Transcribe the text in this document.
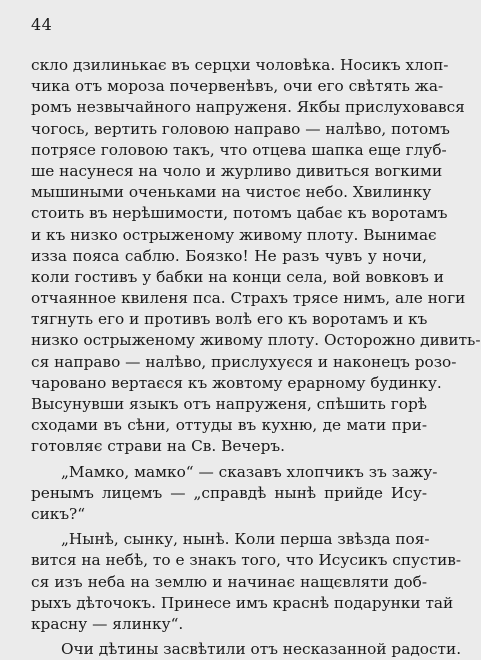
44
скло дзилинькає въ серцхи чоловѣка. Носикъ хлоп-
чика отъ мороза почервенѣвъ, очи его свѣтять жа-
ромъ незвычайного напруженя. Якбы прислуховався
чогось, вертить головою направо — налѣво, потомъ
потрясе головою такъ, что отцева шапка еще глуб-
ше насунеся на чоло и журливо дивиться вогкими
мышиными оченьками на чистоє небо. Хвилинку
стоить въ нерѣшимости, потомъ цабає къ воротамъ
и къ низко острыженому живому плоту. Вынимає
изза пояса саблю. Боязко! Не разъ чувъ у ночи,
коли гостивъ у бабки на конци села, вой вовковъ и
отчаянное квиленя пса. Страхъ трясе нимъ, але ноги
тягнуть его и противъ волѣ его къ воротамъ и къ
низко острыженому живому плоту. Осторожно дивить-
ся направо — налѣво, прислухуєся и наконецъ розо-
чаровано вертаєся къ жовтому ерарному будинку.
Высунувши языкъ отъ напруженя, спѣшить горѣ
сходами въ сѣни, оттуды въ кухню, де мати при-
готовляє страви на Св. Вечеръ.
„Мамко, мамко“ — сказавъ хлопчикъ зъ зажу-
ренымъ лицемъ — „справдѣ нынѣ прийде Ису-
сикъ?“
„Нынѣ, сынку, нынѣ. Коли перша звѣзда поя-
вится на небѣ, то е знакъ того, что Исусикъ спустив-
ся изъ неба на землю и начинає нащєвляти доб-
рыхъ дѣточокъ. Принесе имъ краснѣ подарунки тай
красну — ялинку“.
Очи дѣтины засвѣтили отъ несказанной радости.
